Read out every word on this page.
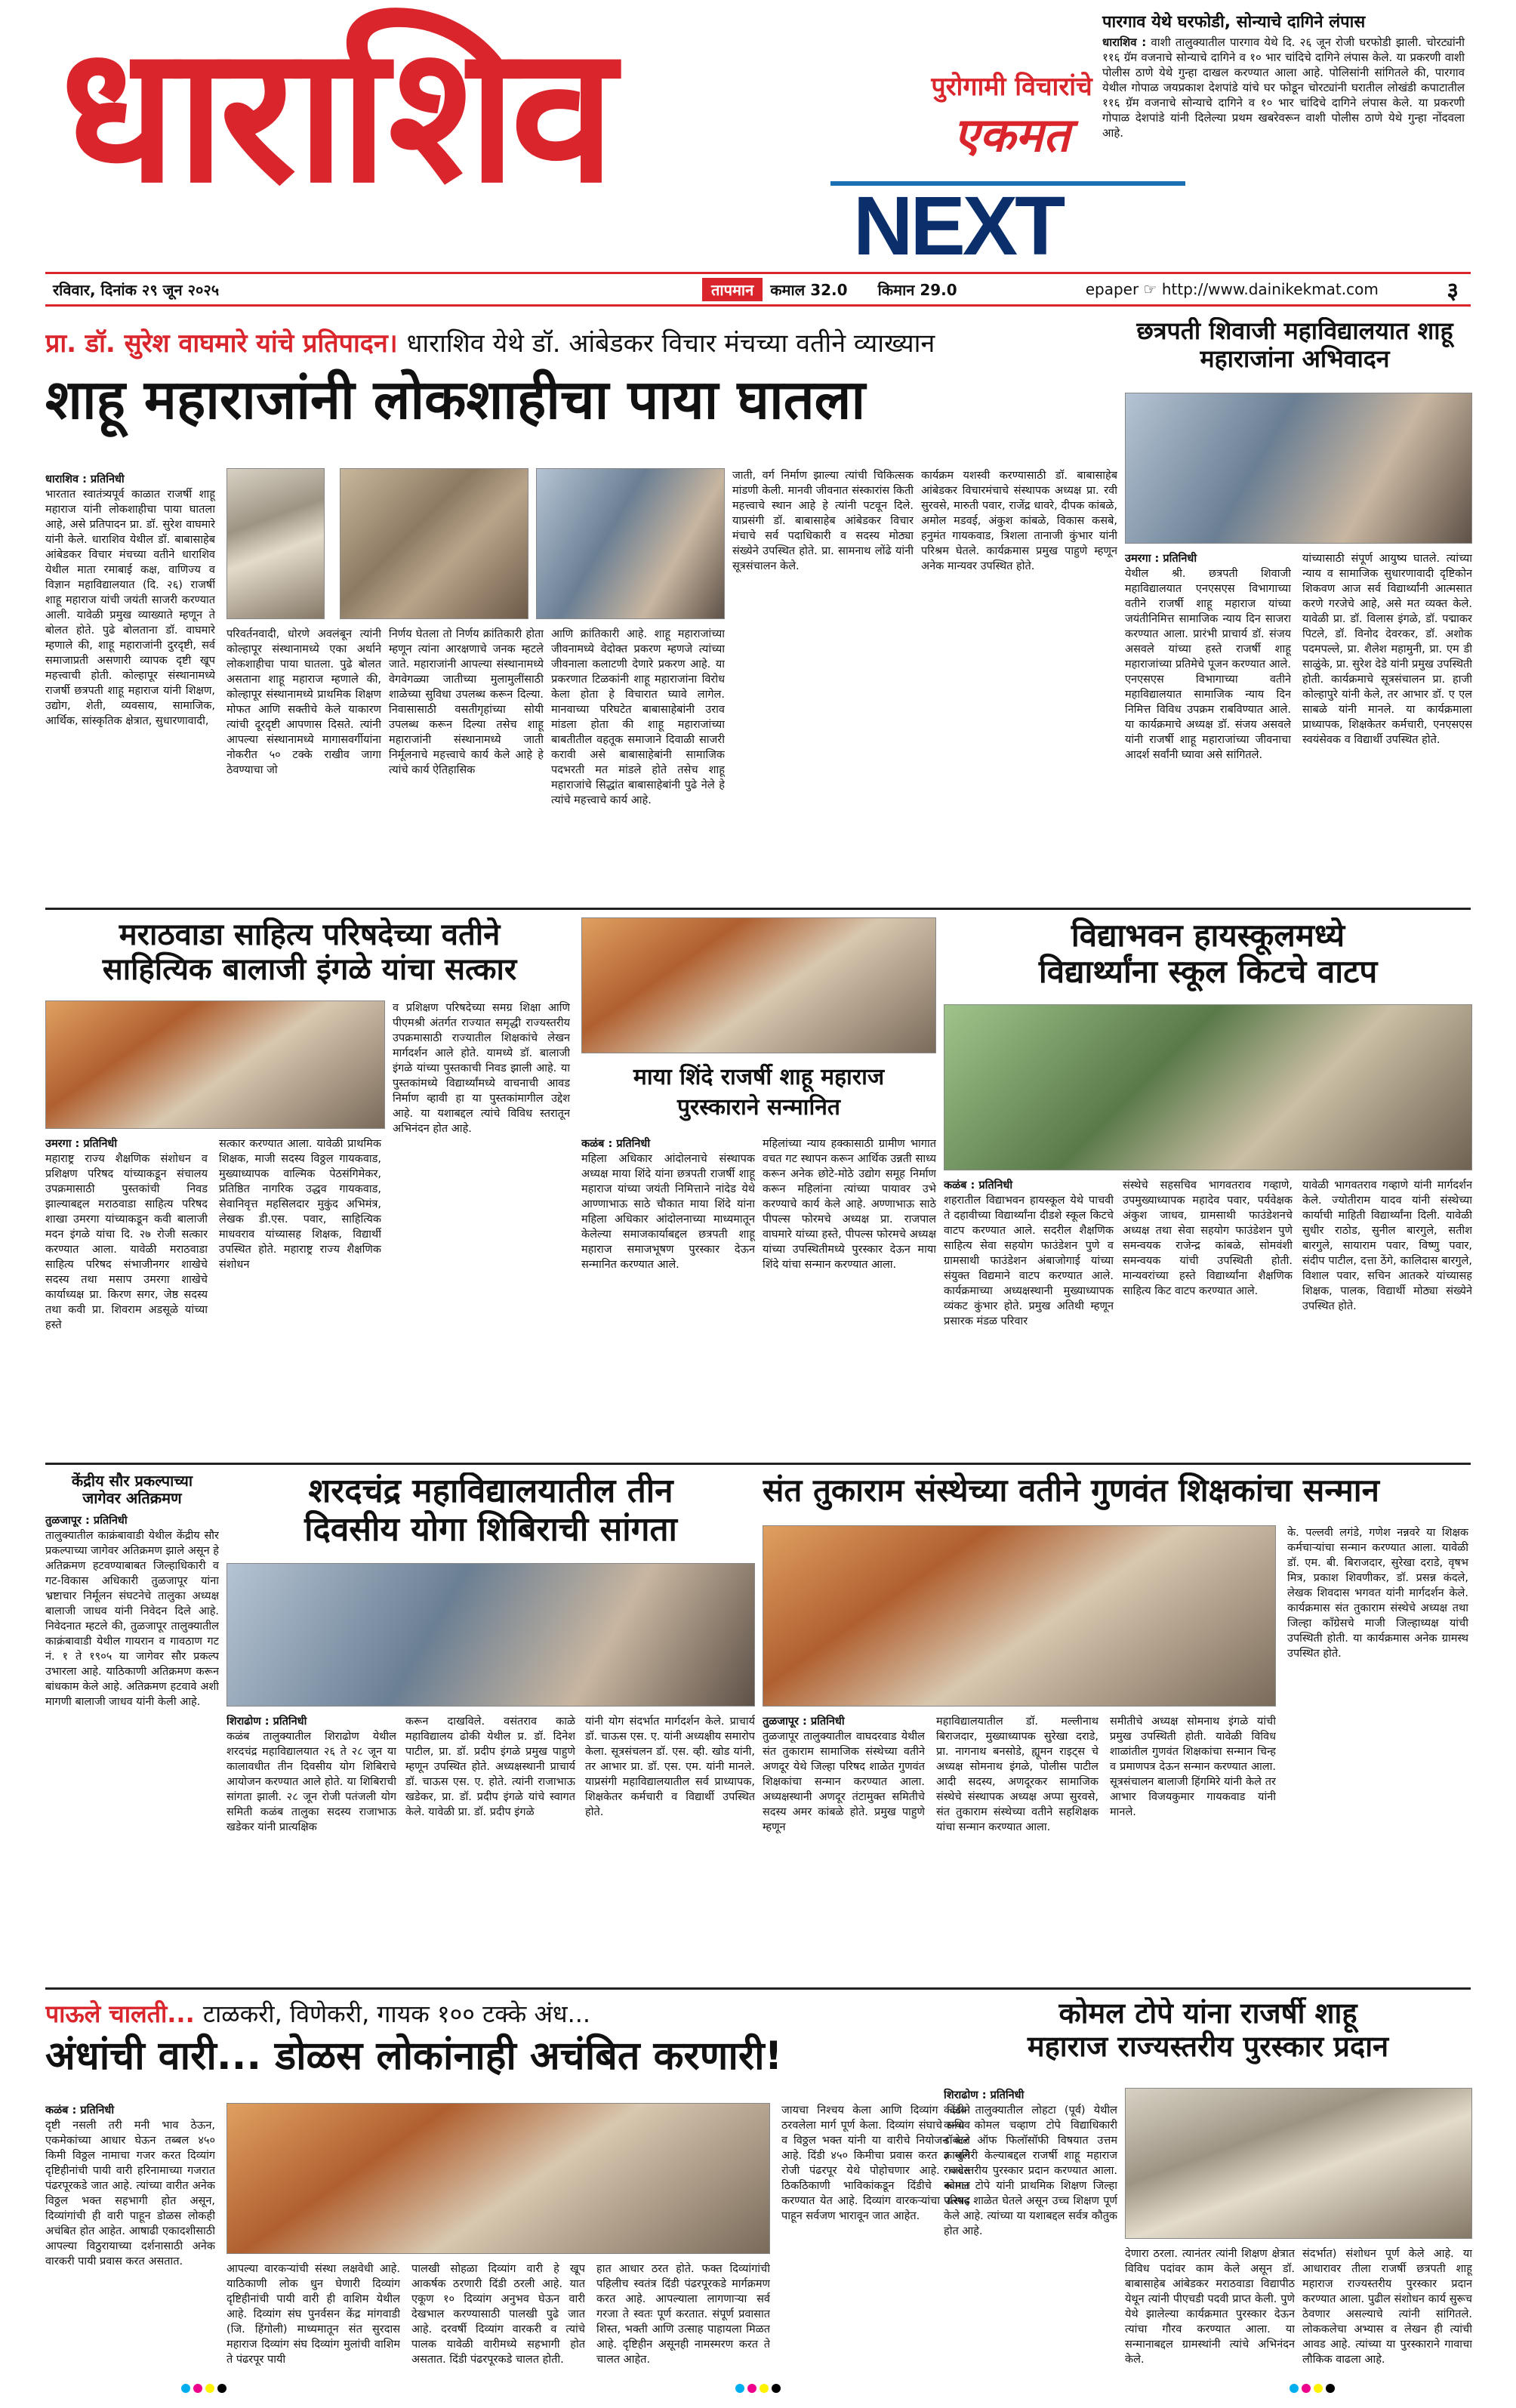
धाराशिव	पुरोगामी विचारांचे
एकमत
NEXT
पारगाव येथे घरफोडी, सोन्याचे दागिने लंपास

धाराशिव : वाशी तालुक्यातील पारगाव येथे दि. २६ जून रोजी घरफोडी झाली. चोरट्यांनी ११६ ग्रॅम वजनाचे सोन्याचे दागिने व १० भार चांदिचे दागिने लंपास केले. या प्रकरणी वाशी पोलीस ठाणे येथे गुन्हा दाखल करण्यात आला आहे. पोलिसांनी सांगितले की, पारगाव येथील गोपाळ जयप्रकाश देशपांडे यांचे घर फोडून चोरट्यांनी घरातील लोखंडी कपाटातील ११६ ग्रॅम वजनाचे सोन्याचे दागिने व १० भार चांदिचे दागिने लंपास केले. या प्रकरणी गोपाळ देशपांडे यांनी दिलेल्या प्रथम खबरेवरून वाशी पोलीस ठाणे येथे गुन्हा नोंदवला आहे.

रविवार, दिनांक २९ जून २०२५	तापमान	कमाल 32.0 किमान 29.0	epaper ☞ http://www.dainikekmat.com	३
प्रा. डॉ. सुरेश वाघमारे यांचे प्रतिपादन। धाराशिव येथे डॉ. आंबेडकर विचार मंचच्या वतीने व्याख्यान
शाहू महाराजांनी लोकशाहीचा पाया घातला
धाराशिव : प्रतिनिधी
भारतात स्वातंत्र्यपूर्व काळात राजर्षी शाहू महाराज यांनी लोकशाहीचा पाया घातला आहे, असे प्रतिपादन प्रा. डॉ. सुरेश वाघमारे यांनी केले. धाराशिव येथील डॉ. बाबासाहेब आंबेडकर विचार मंचच्या वतीने धाराशिव येथील माता रमाबाई कक्ष, वाणिज्य व विज्ञान महाविद्यालयात (दि. २६) राजर्षी शाहू महाराज यांची जयंती साजरी करण्यात आली. यावेळी प्रमुख व्याख्याते म्हणून ते बोलत होते. पुढे बोलताना डॉ. वाघमारे म्हणाले की, शाहू महाराजांनी दुरदृष्टी, सर्व समाजाप्रती असणारी व्यापक दृष्टी खूप महत्त्वाची होती. कोल्हापूर संस्थानामध्ये राजर्षी छत्रपती शाहू महाराज यांनी शिक्षण, उद्योग, शेती, व्यवसाय, सामाजिक, आर्थिक, सांस्कृतिक क्षेत्रात, सुधारणावादी,
परिवर्तनवादी, धोरणे अवलंबून त्यांनी कोल्हापूर संस्थानामध्ये एका अर्थाने लोकशाहीचा पाया घातला. पुढे बोलत असताना शाहू महाराज म्हणाले की, कोल्हापूर संस्थानामध्ये प्राथमिक शिक्षण मोफत आणि सक्तीचे केले याकारण त्यांची दूरदृष्टी आपणास दिसते. त्यांनी आपल्या संस्थानामध्ये मागासवर्गीयांना नोकरीत ५० टक्के राखीव जागा ठेवण्याचा जो
निर्णय घेतला तो निर्णय क्रांतिकारी होता म्हणून त्यांना आरक्षणाचे जनक म्हटले जाते. महाराजांनी आपल्या संस्थानामध्ये वेगवेगळ्या जातीच्या मुलामुलींसाठी शाळेच्या सुविधा उपलब्ध करून दिल्या. निवासासाठी वसतीगृहांच्या सोयी उपलब्ध करून दिल्या तसेच शाहू महाराजांनी संस्थानामध्ये जाती निर्मूलनाचे महत्त्वाचे कार्य केले आहे हे त्यांचे कार्य ऐतिहासिक
आणि क्रांतिकारी आहे. शाहू महाराजांच्या जीवनामध्ये वेदोक्त प्रकरण म्हणजे त्यांच्या जीवनाला कलाटणी देणारे प्रकरण आहे. या प्रकरणात टिळकांनी शाहू महाराजांना विरोध केला होता हे विचारात घ्यावे लागेल. मानवाच्या परिघटेत बाबासाहेबांनी उराव मांडला होता की शाहू महाराजांच्या बाबतीतील वहतूक समाजाने दिवाळी साजरी करावी असे बाबासाहेबांनी सामाजिक पदभरती मत मांडले होते तसेच शाहू महाराजांचे सिद्धांत बाबासाहेबांनी पुढे नेले हे त्यांचे महत्त्वाचे कार्य आहे.
जाती, वर्ग निर्माण झाल्या त्यांची चिकित्सक मांडणी केली. मानवी जीवनात संस्कारांस किती महत्त्वाचे स्थान आहे हे त्यांनी पटवून दिले. याप्रसंगी डॉ. बाबासाहेब आंबेडकर विचार मंचाचे सर्व पदाधिकारी व सदस्य मोठ्या संख्येने उपस्थित होते. प्रा. सामनाथ लोंढे यांनी सूत्रसंचालन केले.
कार्यक्रम यशस्वी करण्यासाठी डॉ. बाबासाहेब आंबेडकर विचारमंचाचे संस्थापक अध्यक्ष प्रा. रवी सुरवसे, मारुती पवार, राजेंद्र धावरे, दीपक कांबळे, अमोल मडवई, अंकुश कांबळे, विकास कसबे, हनुमंत गायकवाड, त्रिशला तानाजी कुंभार यांनी परिश्रम घेतले. कार्यक्रमास प्रमुख पाहुणे म्हणून अनेक मान्यवर उपस्थित होते.
छत्रपती शिवाजी महाविद्यालयात शाहू महाराजांना अभिवादन
उमरगा : प्रतिनिधी
येथील श्री. छत्रपती शिवाजी महाविद्यालयात एनएसएस विभागाच्या वतीने राजर्षी शाहू महाराज यांच्या जयंतीनिमित्त सामाजिक न्याय दिन साजरा करण्यात आला. प्रारंभी प्राचार्य डॉ. संजय असवले यांच्या हस्ते राजर्षी शाहू महाराजांच्या प्रतिमेचे पूजन करण्यात आले. एनएसएस विभागाच्या वतीने महाविद्यालयात सामाजिक न्याय दिन निमित्त विविध उपक्रम राबविण्यात आले. या कार्यक्रमाचे अध्यक्ष डॉ. संजय असवले यांनी राजर्षी शाहू महाराजांच्या जीवनाचा आदर्श सर्वांनी घ्यावा असे सांगितले.
यांच्यासाठी संपूर्ण आयुष्य घातले. त्यांच्या न्याय व सामाजिक सुधारणावादी दृष्टिकोन शिकवण आज सर्व विद्यार्थ्यांनी आत्मसात करणे गरजेचे आहे, असे मत व्यक्त केले. यावेळी प्रा. डॉ. विलास इंगळे, डॉ. पद्माकर पिटले, डॉ. विनोद देवरकर, डॉ. अशोक पदमपल्ले, प्रा. शैलेश महामुनी, प्रा. एम डी साळुंके, प्रा. सुरेश देडे यांनी प्रमुख उपस्थिती होती. कार्यक्रमाचे सूत्रसंचालन प्रा. हाजी कोल्हापुरे यांनी केले, तर आभार डॉ. ए एल साबळे यांनी मानले. या कार्यक्रमाला प्राध्यापक, शिक्षकेतर कर्मचारी, एनएसएस स्वयंसेवक व विद्यार्थी उपस्थित होते.
मराठवाडा साहित्य परिषदेच्या वतीने
साहित्यिक बालाजी इंगळे यांचा सत्कार
उमरगा : प्रतिनिधी
महाराष्ट्र राज्य शैक्षणिक संशोधन व प्रशिक्षण परिषद यांच्याकडून संचालय उपक्रमासाठी पुस्तकांची निवड झाल्याबद्दल मराठवाडा साहित्य परिषद शाखा उमरगा यांच्याकडून कवी बालाजी मदन इंगळे यांचा दि. २७ रोजी सत्कार करण्यात आला. यावेळी मराठवाडा साहित्य परिषद संभाजीनगर शाखेचे सदस्य तथा मसाप उमरगा शाखेचे कार्याध्यक्ष प्रा. किरण सगर, जेष्ठ सदस्य तथा कवी प्रा. शिवराम अडसूळे यांच्या हस्ते
सत्कार करण्यात आला. यावेळी प्राथमिक शिक्षक, माजी सदस्य विठ्ठल गायकवाड, मुख्याध्यापक वाल्मिक पेठसंगिमेकर, प्रतिष्ठित नागरिक उद्धव गायकवाड, सेवानिवृत्त महसिलदार मुकुंद अभिमंत्र, लेखक डी.एस. पवार, साहित्यिक माधवराव यांच्यासह शिक्षक, विद्यार्थी उपस्थित होते. महाराष्ट्र राज्य शैक्षणिक संशोधन
व प्रशिक्षण परिषदेच्या समग्र शिक्षा आणि पीएमश्री अंतर्गत राज्यात समृद्धी राज्यस्तरीय उपक्रमासाठी राज्यातील शिक्षकांचे लेखन मार्गदर्शन आले होते. यामध्ये डॉ. बालाजी इंगळे यांच्या पुस्तकाची निवड झाली आहे. या पुस्तकांमध्ये विद्यार्थ्यांमध्ये वाचनाची आवड निर्माण व्हावी हा या पुस्तकांमागील उद्देश आहे. या यशाबद्दल त्यांचे विविध स्तरातून अभिनंदन होत आहे.
माया शिंदे राजर्षी शाहू महाराज
पुरस्काराने सन्मानित
कळंब : प्रतिनिधी
महिला अधिकार आंदोलनाचे संस्थापक अध्यक्ष माया शिंदे यांना छत्रपती राजर्षी शाहू महाराज यांच्या जयंती निमित्ताने नांदेड येथे आण्णाभाऊ साठे चौकात माया शिंदे यांना महिला अधिकार आंदोलनाच्या माध्यमातून केलेल्या समाजकार्याबद्दल छत्रपती शाहू महाराज समाजभूषण पुरस्कार देऊन सन्मानित करण्यात आले.
महिलांच्या न्याय हक्कासाठी ग्रामीण भागात वचत गट स्थापन करून आर्थिक उन्नती साध्य करून अनेक छोटे-मोठे उद्योग समूह निर्माण करून महिलांना त्यांच्या पायावर उभे करण्याचे कार्य केले आहे. अण्णाभाऊ साठे पीपल्स फोरमचे अध्यक्ष प्रा. राजपाल वाघमारे यांच्या हस्ते, पीपल्स फोरमचे अध्यक्ष यांच्या उपस्थितीमध्ये पुरस्कार देऊन माया शिंदे यांचा सन्मान करण्यात आला.
विद्याभवन हायस्कूलमध्ये
विद्यार्थ्यांना स्कूल किटचे वाटप
कळंब : प्रतिनिधी
शहरातील विद्याभवन हायस्कूल येथे पाचवी ते दहावीच्या विद्यार्थ्यांना दीडशे स्कूल किटचे वाटप करण्यात आले. सदरील शैक्षणिक साहित्य सेवा सहयोग फाउंडेशन पुणे व ग्रामसाथी फाउंडेशन अंबाजोगाई यांच्या संयुक्त विद्यमाने वाटप करण्यात आले. कार्यक्रमाच्या अध्यक्षस्थानी मुख्याध्यापक व्यंकट कुंभार होते. प्रमुख अतिथी म्हणून प्रसारक मंडळ परिवार
संस्थेचे सहसचिव भागवतराव गव्हाणे, उपमुख्याध्यापक महादेव पवार, पर्यवेक्षक अंकुश जाधव, ग्रामसाथी फाउंडेशनचे अध्यक्ष तथा सेवा सहयोग फाउंडेशन पुणे समन्वयक राजेन्द्र कांबळे, सोमवंशी समन्वयक यांची उपस्थिती होती. मान्यवरांच्या हस्ते विद्यार्थ्यांना शैक्षणिक साहित्य किट वाटप करण्यात आले.
यावेळी भागवतराव गव्हाणे यांनी मार्गदर्शन केले. ज्योतीराम यादव यांनी संस्थेच्या कार्याची माहिती विद्यार्थ्यांना दिली. यावेळी सुधीर राठोड, सुनील बारगुले, सतीश बारगुले, सायाराम पवार, विष्णु पवार, संदीप पाटील, दत्ता ठेंगे, कालिदास बारगुले, विशाल पवार, सचिन आतकरे यांच्यासह शिक्षक, पालक, विद्यार्थी मोठ्या संख्येने उपस्थित होते.
केंद्रीय सौर प्रकल्पाच्या
जागेवर अतिक्रमण
तुळजापूर : प्रतिनिधी
तालुक्यातील काक्रंबावाडी येथील केंद्रीय सौर प्रकल्पाच्या जागेवर अतिक्रमण झाले असून हे अतिक्रमण हटवण्याबाबत जिल्हाधिकारी व गट-विकास अधिकारी तुळजापूर यांना भ्रष्टाचार निर्मूलन संघटनेचे तालुका अध्यक्ष बालाजी जाधव यांनी निवेदन दिले आहे. निवेदनात म्हटले की, तुळजापूर तालुक्यातील काक्रंबावाडी येथील गायरान व गावठाण गट नं. १ ते १९०५ या जागेवर सौर प्रकल्प उभारला आहे. याठिकाणी अतिक्रमण करून बांधकाम केले आहे. अतिक्रमण हटवावे अशी मागणी बालाजी जाधव यांनी केली आहे.
शरदचंद्र महाविद्यालयातील तीन
दिवसीय योगा शिबिराची सांगता
शिराढोण : प्रतिनिधी
कळंब तालुक्यातील शिराढोण येथील शरदचंद्र महाविद्यालयात २६ ते २८ जून या कालावधीत तीन दिवसीय योग शिबिराचे आयोजन करण्यात आले होते. या शिबिराची सांगता झाली. २८ जून रोजी पतंजली योग समिती कळंब तालुका सदस्य राजाभाऊ खडेकर यांनी प्रात्यक्षिक
करून दाखविले. वसंतराव काळे महाविद्यालय ढोकी येथील प्र. डॉ. दिनेश पाटील, प्रा. डॉ. प्रदीप इंगळे प्रमुख पाहुणे म्हणून उपस्थित होते. अध्यक्षस्थानी प्राचार्य डॉ. चाऊस एस. ए. होते. त्यांनी राजाभाऊ खडेकर, प्रा. डॉ. प्रदीप इंगळे यांचे स्वागत केले. यावेळी प्रा. डॉ. प्रदीप इंगळे
यांनी योग संदर्भात मार्गदर्शन केले. प्राचार्य डॉ. चाऊस एस. ए. यांनी अध्यक्षीय समारोप केला. सूत्रसंचलन डॉ. एस. व्ही. खोड यांनी, तर आभार प्रा. डॉ. एस. एम. यांनी मानले. याप्रसंगी महाविद्यालयातील सर्व प्राध्यापक, शिक्षकेतर कर्मचारी व विद्यार्थी उपस्थित होते.
संत तुकाराम संस्थेच्या वतीने गुणवंत शिक्षकांचा सन्मान
तुळजापूर : प्रतिनिधी
तुळजापूर तालुक्यातील वाघदरवाड येथील संत तुकाराम सामाजिक संस्थेच्या वतीने अणदूर येथे जिल्हा परिषद शाळेत गुणवंत शिक्षकांचा सन्मान करण्यात आला. अध्यक्षस्थानी अणदूर तंटामुक्त समितीचे सदस्य अमर कांबळे होते. प्रमुख पाहुणे म्हणून
महाविद्यालयातील डॉ. मल्लीनाथ बिराजदार, मुख्याध्यापक सुरेखा दराडे, प्रा. नागनाथ बनसोडे, ह्यूमन राइट्स चे अध्यक्ष सोमनाथ इंगळे, पोलीस पाटील आदी सदस्य, अणदूरकर सामाजिक संस्थेचे संस्थापक अध्यक्ष अप्पा सुरवसे, संत तुकाराम संस्थेच्या वतीने सहशिक्षक यांचा सन्मान करण्यात आला.
समीतीचे अध्यक्ष सोमनाथ इंगळे यांची प्रमुख उपस्थिती होती. यावेळी विविध शाळांतील गुणवंत शिक्षकांचा सन्मान चिन्ह व प्रमाणपत्र देऊन सन्मान करण्यात आला. सूत्रसंचालन बालाजी हिंगमिरे यांनी केले तर आभार विजयकुमार गायकवाड यांनी मानले.
के. पल्लवी लगंडे, गणेश नन्नवरे या शिक्षक कर्मचाऱ्यांचा सन्मान करण्यात आला. यावेळी डॉ. एम. बी. बिराजदार, सुरेखा दराडे, वृषभ मित्र, प्रकाश शिवणीकर, डॉ. प्रसन्न कंदले, लेखक शिवदास भगवत यांनी मार्गदर्शन केले. कार्यक्रमास संत तुकाराम संस्थेचे अध्यक्ष तथा जिल्हा काँग्रेसचे माजी जिल्हाध्यक्ष यांची उपस्थिती होती. या कार्यक्रमास अनेक ग्रामस्थ उपस्थित होते.
पाऊले चालती... टाळकरी, विणेकरी, गायक १०० टक्के अंध...
अंधांची वारी... डोळस लोकांनाही अचंबित करणारी!
कळंब : प्रतिनिधी
दृष्टी नसली तरी मनी भाव ठेऊन, एकमेकांच्या आधार घेऊन तब्बल ४५० किमी विठ्ठल नामाचा गजर करत दिव्यांग दृष्टिहीनांची पायी वारी हरिनामाच्या गजरात पंढरपूरकडे जात आहे. त्यांच्या वारीत अनेक विठ्ठल भक्त सहभागी होत असून, दिव्यांगांची ही वारी पाहून डोळस लोकही अचंबित होत आहेत. आषाढी एकादशीसाठी आपल्या विठुरायाच्या दर्शनासाठी अनेक वारकरी पायी प्रवास करत असतात.
आपल्या वारकऱ्यांची संस्था लक्षवेधी आहे. याठिकाणी लोक धुन घेणारी दिव्यांग दृष्टिहीनांची पायी वारी ही वाशिम येथील आहे. दिव्यांग संघ पुनर्वसन केंद्र मांगवाडी (जि. हिंगोली) माध्यमातून संत सुरदास महाराज दिव्यांग संघ दिव्यांग मुलांची वाशिम ते पंढरपूर पायी
पालखी सोहळा दिव्यांग वारी हे खूप आकर्षक ठरणारी दिंडी ठरली आहे. यात एकूण १० दिव्यांग अनुभव घेऊन वारी देखभाल करण्यासाठी पालखी पुढे जात आहे. दरवर्षी दिव्यांग वारकरी व त्यांचे पालक यावेळी वारीमध्ये सहभागी होत असतात. दिंडी पंढरपूरकडे चालत होती.
हात आधार ठरत होते. फक्त दिव्यांगांची पहिलीच स्वतंत्र दिंडी पंढरपूरकडे मार्गक्रमण करत आहे. आपल्याला लागणाऱ्या सर्व गरजा ते स्वतः पूर्ण करतात. संपूर्ण प्रवासात शिस्त, भक्ती आणि उत्साह पाहायला मिळत आहे. दृष्टिहीन असूनही नामस्मरण करत ते चालत आहेत.
जायचा निश्चय केला आणि दिव्यांग दिंडीने ठरवलेला मार्ग पूर्ण केला. दिव्यांग संघाचे सचिव व विठ्ठल भक्त यांनी या वारीचे नियोजन केले आहे. दिंडी ४५० किमीचा प्रवास करत ३ जुलै रोजी पंढरपूर येथे पोहोचणार आहे. वाटेत ठिकठिकाणी भाविकांकडून दिंडीचे स्वागत करण्यात येत आहे. दिव्यांग वारकऱ्यांचा उत्साह पाहून सर्वजण भारावून जात आहेत.
कोमल टोपे यांना राजर्षी शाहू
महाराज राज्यस्तरीय पुरस्कार प्रदान
शिराढोण : प्रतिनिधी
कळंब तालुक्यातील लोहटा (पूर्व) येथील कन्या कोमल चव्हाण टोपे विद्याधिकारी डॉक्टर ऑफ फिलॉसॉफी विषयात उत्तम कामगिरी केल्याबद्दल राजर्षी शाहू महाराज राज्यस्तरीय पुरस्कार प्रदान करण्यात आला. कोमल टोपे यांनी प्राथमिक शिक्षण जिल्हा परिषद शाळेत घेतले असून उच्च शिक्षण पूर्ण केले आहे. त्यांच्या या यशाबद्दल सर्वत्र कौतुक होत आहे.
देणारा ठरला. त्यानंतर त्यांनी शिक्षण क्षेत्रात विविध पदांवर काम केले असून डॉ. बाबासाहेब आंबेडकर मराठवाडा विद्यापीठ येथून त्यांनी पीएचडी पदवी प्राप्त केली. पुणे येथे झालेल्या कार्यक्रमात पुरस्कार देऊन त्यांचा गौरव करण्यात आला. या सन्मानाबद्दल ग्रामस्थांनी त्यांचे अभिनंदन केले.
संदर्भात) संशोधन पूर्ण केले आहे. या आधारावर तीला राजर्षी छत्रपती शाहू महाराज राज्यस्तरीय पुरस्कार प्रदान करण्यात आला. पुढील संशोधन कार्य सुरूच ठेवणार असल्याचे त्यांनी सांगितले. लोककलेचा अभ्यास व लेखन ही त्यांची आवड आहे. त्यांच्या या पुरस्काराने गावाचा लौकिक वाढला आहे.
